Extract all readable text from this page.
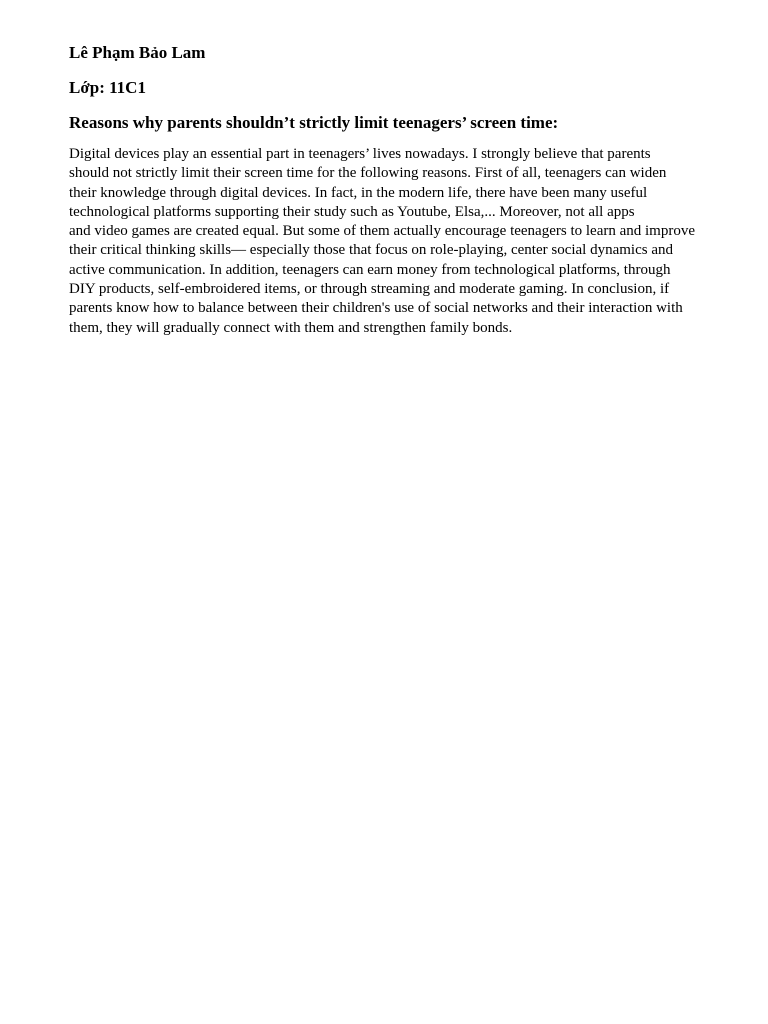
Lê Phạm Bảo Lam
Lớp: 11C1
Reasons why parents shouldn’t strictly limit teenagers’ screen time:

Digital devices play an essential part in teenagers’ lives nowadays. I strongly believe that parents
should not strictly limit their screen time for the following reasons. First of all, teenagers can widen
their knowledge through digital devices. In fact, in the modern life, there have been many useful
technological platforms supporting their study such as Youtube, Elsa,... Moreover, not all apps
and video games are created equal. But some of them actually encourage teenagers to learn and improve
their critical thinking skills— especially those that focus on role-playing, center social dynamics and
active communication. In addition, teenagers can earn money from technological platforms, through
DIY products, self-embroidered items, or through streaming and moderate gaming. In conclusion, if
parents know how to balance between their children's use of social networks and their interaction with
them, they will gradually connect with them and strengthen family bonds.
